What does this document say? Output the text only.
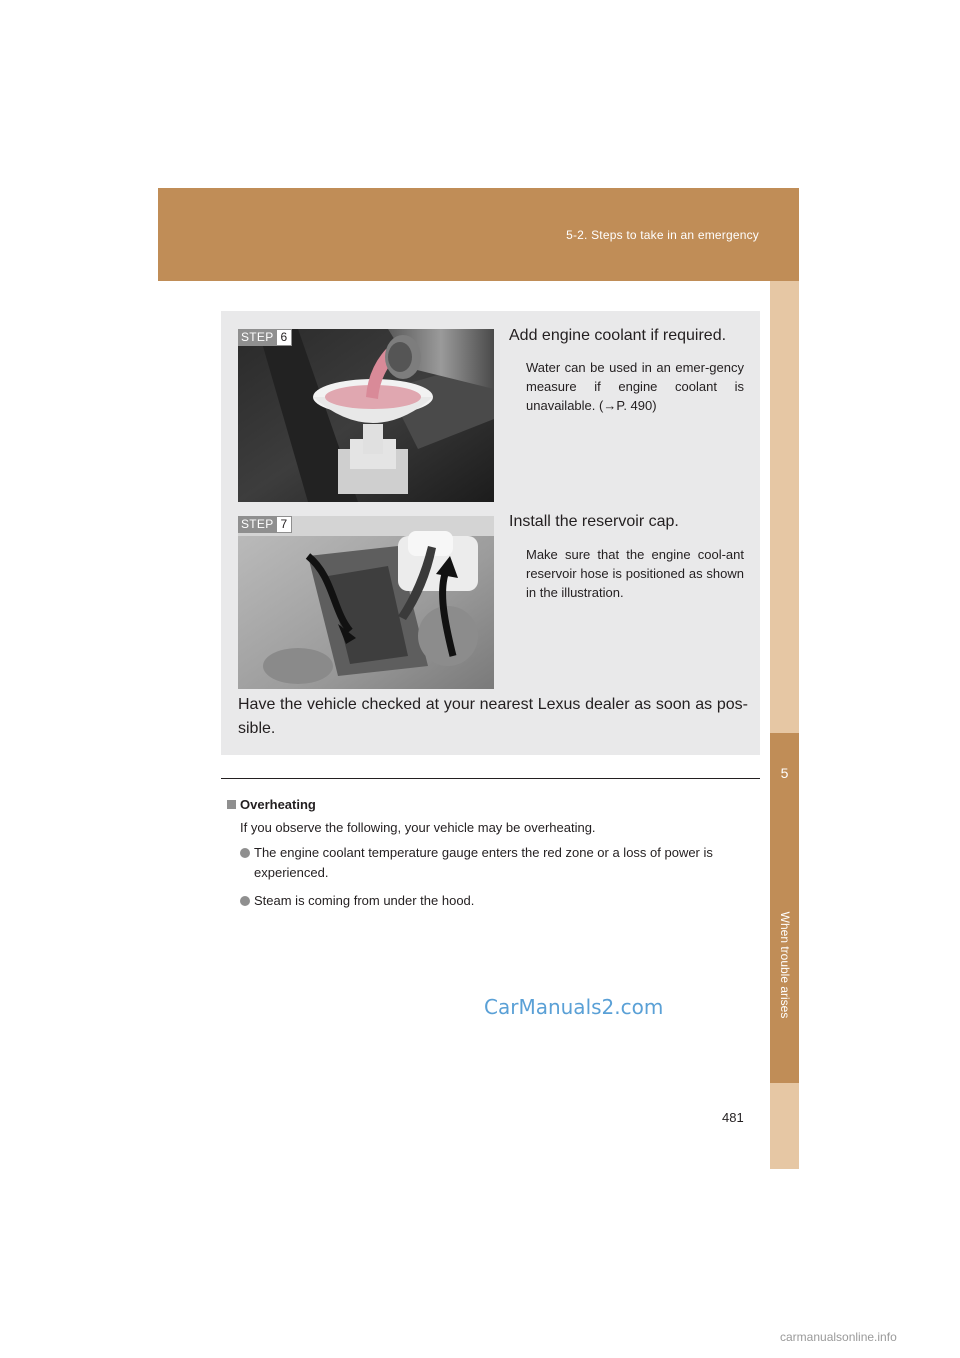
5-2. Steps to take in an emergency
5
When trouble arises
STEP 6	Add engine coolant if required.
Water can be used in an emer-gency measure if engine coolant is unavailable. (→P. 490)
STEP 7	Install the reservoir cap.
Make sure that the engine cool-ant reservoir hose is positioned as shown in the illustration.
Have the vehicle checked at your nearest Lexus dealer as soon as pos-sible.
Overheating
If you observe the following, your vehicle may be overheating.
The engine coolant temperature gauge enters the red zone or a loss of power is experienced.
Steam is coming from under the hood.
CarManuals2.com
481
carmanualsonline.info
